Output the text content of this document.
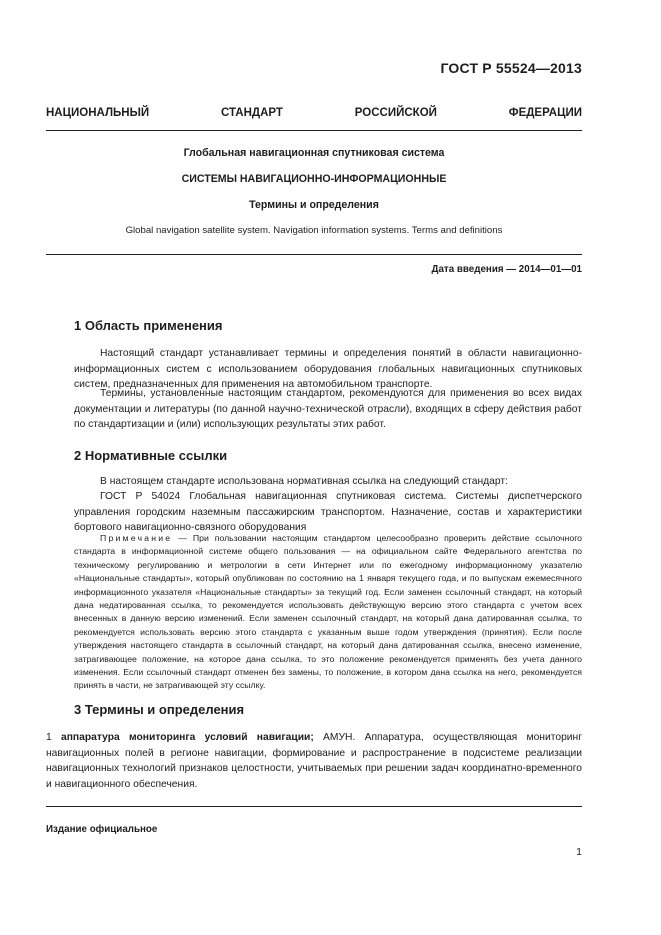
ГОСТ Р 55524—2013
НАЦИОНАЛЬНЫЙ СТАНДАРТ РОССИЙСКОЙ ФЕДЕРАЦИИ
Глобальная навигационная спутниковая система
СИСТЕМЫ НАВИГАЦИОННО-ИНФОРМАЦИОННЫЕ
Термины и определения
Global navigation satellite system. Navigation information systems. Terms and definitions
Дата введения — 2014—01—01
1 Область применения
Настоящий стандарт устанавливает термины и определения понятий в области навигационно-информационных систем с использованием оборудования глобальных навигационных спутниковых систем, предназначенных для применения на автомобильном транспорте.
Термины, установленные настоящим стандартом, рекомендуются для применения во всех видах документации и литературы (по данной научно-технической отрасли), входящих в сферу действия работ по стандартизации и (или) использующих результаты этих работ.
2 Нормативные ссылки
В настоящем стандарте использована нормативная ссылка на следующий стандарт:
ГОСТ Р 54024 Глобальная навигационная спутниковая система. Системы диспетчерского управления городским наземным пассажирским транспортом. Назначение, состав и характеристики бортового навигационно-связного оборудования
Примечание — При пользовании настоящим стандартом целесообразно проверить действие ссылочного стандарта в информационной системе общего пользования — на официальном сайте Федерального агентства по техническому регулированию и метрологии в сети Интернет или по ежегодному информационному указателю «Национальные стандарты», который опубликован по состоянию на 1 января текущего года, и по выпускам ежемесячного информационного указателя «Национальные стандарты» за текущий год. Если заменен ссылочный стандарт, на который дана недатированная ссылка, то рекомендуется использовать действующую версию этого стандарта с учетом всех внесенных в данную версию изменений. Если заменен ссылочный стандарт, на который дана датированная ссылка, то рекомендуется использовать версию этого стандарта с указанным выше годом утверждения (принятия). Если после утверждения настоящего стандарта в ссылочный стандарт, на который дана датированная ссылка, внесено изменение, затрагивающее положение, на которое дана ссылка, то это положение рекомендуется применять без учета данного изменения. Если ссылочный стандарт отменен без замены, то положение, в котором дана ссылка на него, рекомендуется принять в части, не затрагивающей эту ссылку.
3 Термины и определения
1 аппаратура мониторинга условий навигации; АМУН. Аппаратура, осуществляющая мониторинг навигационных полей в регионе навигации, формирование и распространение в подсистеме реализации навигационных технологий признаков целостности, учитываемых при решении задач координатно-временного и навигационного обеспечения.
Издание официальное
1
